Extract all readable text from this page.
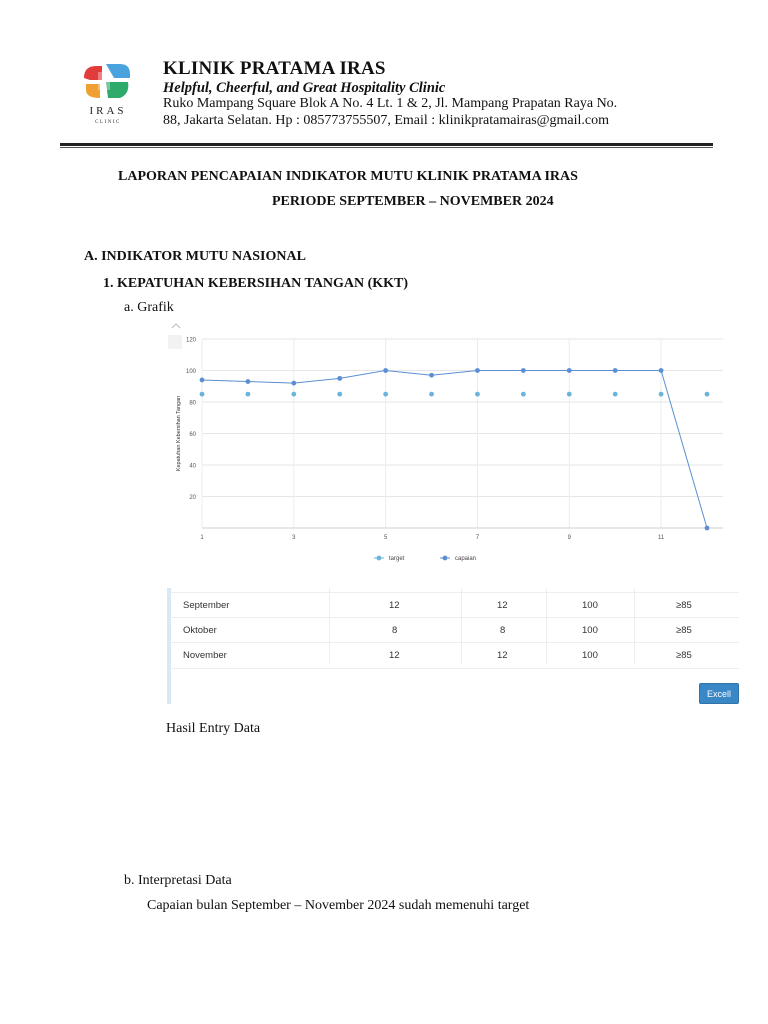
IRAS
CLINIC
KLINIK PRATAMA IRAS
Helpful, Cheerful, and Great Hospitality Clinic
Ruko Mampang Square Blok A No. 4 Lt. 1 & 2, Jl. Mampang Prapatan Raya No.
88, Jakarta Selatan. Hp : 085773755507, Email : klinikpratamairas@gmail.com
LAPORAN PENCAPAIAN INDIKATOR MUTU KLINIK PRATAMA IRAS
PERIODE SEPTEMBER – NOVEMBER 2024
A. INDIKATOR MUTU NASIONAL
1. KEPATUHAN KEBERSIHAN TANGAN (KKT)
a. Grafik
20
40
60
80
100
120
1	3	5	7	9	11
Kepatuhan Kebersihan Tangan
target	capaian
September	12	12	100	≥85
Oktober	8	8	100	≥85
November	12	12	100	≥85
Excell
Hasil Entry Data
b. Interpretasi Data
Capaian bulan September – November 2024 sudah memenuhi target
